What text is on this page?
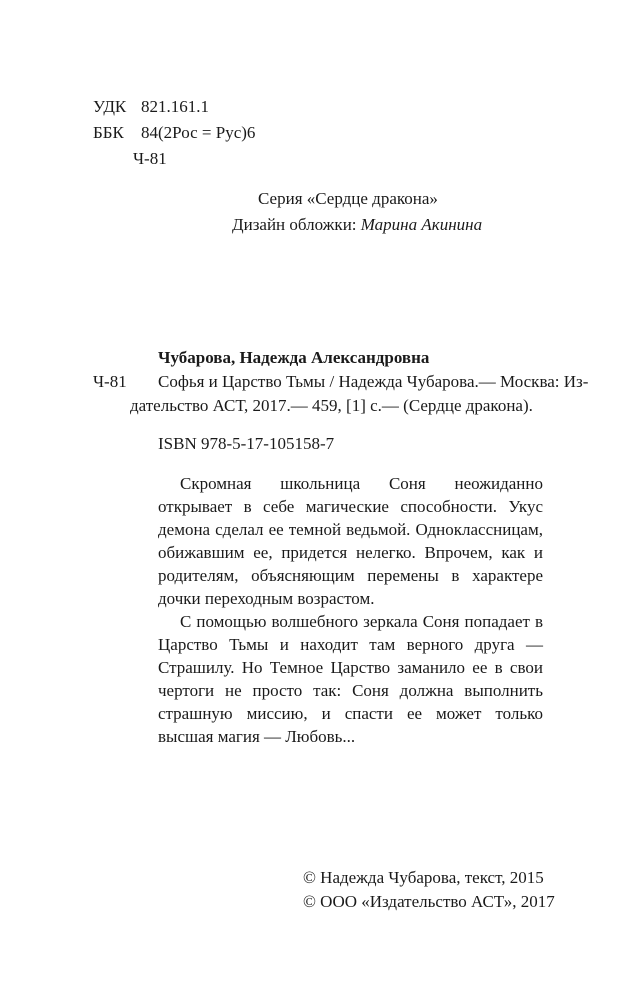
УДК 821.161.1
ББК 84(2Рос = Рус)6
Ч-81
Серия «Сердце дракона»
Дизайн обложки: Марина Акинина
Чубарова, Надежда Александровна
Ч-81 Софья и Царство Тьмы / Надежда Чубарова.— Москва: Из-
дательство АСТ, 2017.— 459, [1] с.— (Сердце дракона).
ISBN 978-5-17-105158-7

Скромная школьница Соня неожиданно открывает в себе магические способности. Укус демона сделал ее темной ведьмой. Одноклассницам, обижавшим ее, придется нелегко. Впрочем, как и родителям, объясняющим перемены в характере дочки переходным возрастом.

С помощью волшебного зеркала Соня попадает в Царство Тьмы и находит там верного друга — Страшилу. Но Темное Царство заманило ее в свои чертоги не просто так: Соня должна выполнить страшную миссию, и спасти ее может только высшая магия — Любовь...

© Надежда Чубарова, текст, 2015
© ООО «Издательство АСТ», 2017
